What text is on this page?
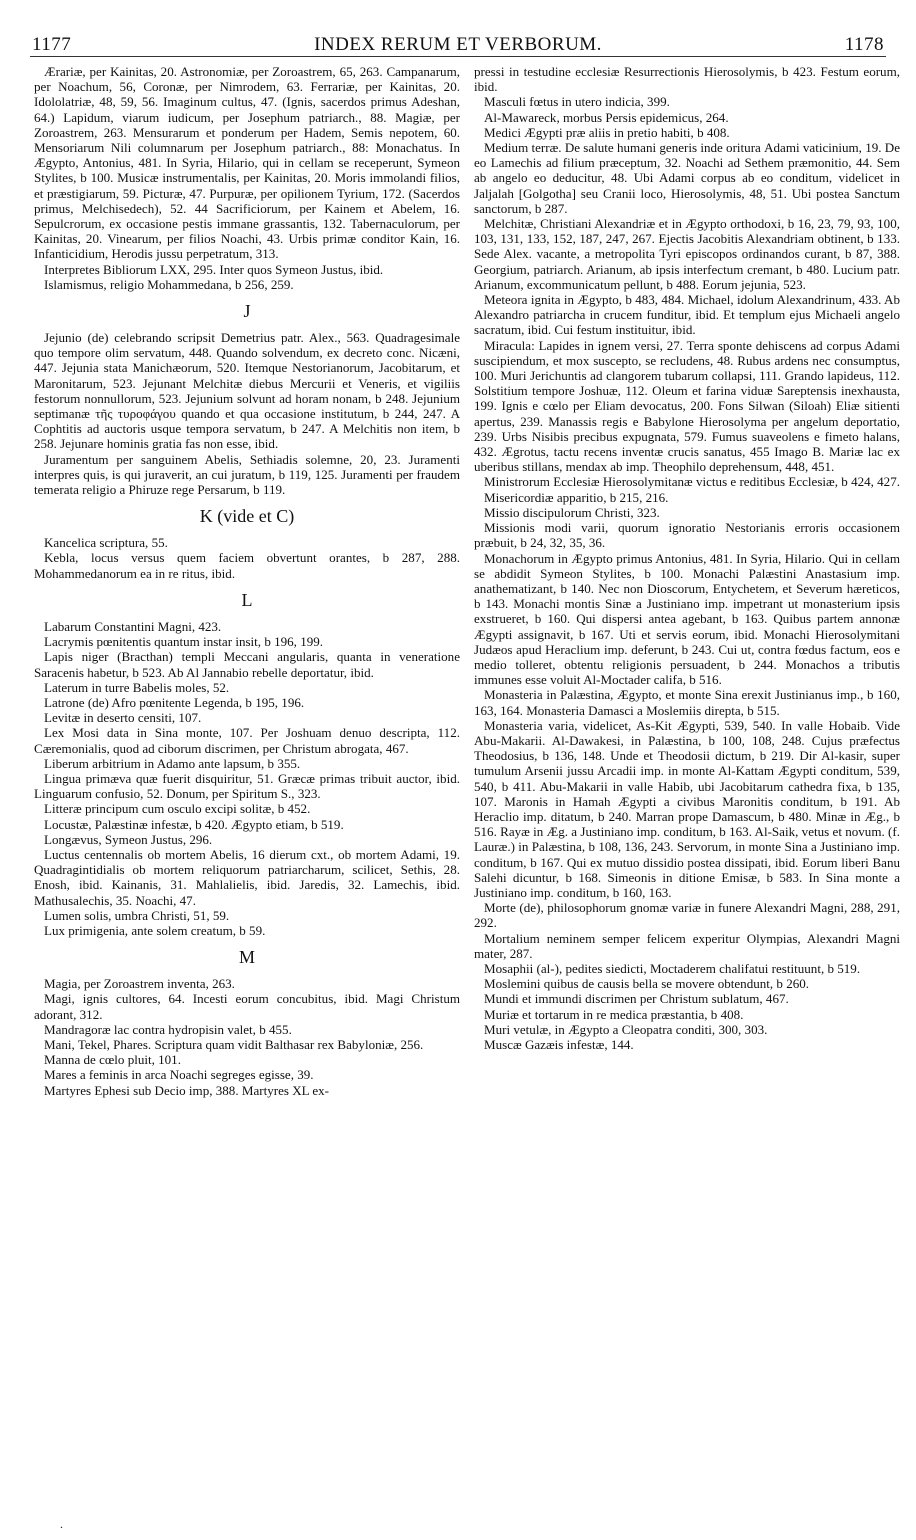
1177	INDEX RERUM ET VERBORUM.	1178

Ærariæ, per Kainitas, 20. Astronomiæ, per Zoroastrem, 65, 263. Campanarum, per Noachum, 56, Coronæ, per Nimrodem, 63. Ferrariæ, per Kainitas, 20. Idololatriæ, 48, 59, 56. Imaginum cultus, 47. (Ignis, sacerdos primus Adeshan, 64.) Lapidum, viarum iudicum, per Josephum patriarch., 88. Magiæ, per Zoroastrem, 263. Mensurarum et ponderum per Hadem, Semis nepotem, 60. Mensoriarum Nili columnarum per Josephum patriarch., 88: Monachatus. In Ægypto, Antonius, 481. In Syria, Hilario, qui in cellam se receperunt, Symeon Stylites, b 100. Musicæ instrumentalis, per Kainitas, 20. Moris immolandi filios, et præstigiarum, 59. Picturæ, 47. Purpuræ, per opilionem Tyrium, 172. (Sacerdos primus, Melchisedech), 52. 44 Sacrificiorum, per Kainem et Abelem, 16. Sepulcrorum, ex occasione pestis immane grassantis, 132. Tabernaculorum, per Kainitas, 20. Vinearum, per filios Noachi, 43. Urbis primæ conditor Kain, 16. Infanticidium, Herodis jussu perpetratum, 313.

Interpretes Bibliorum LXX, 295. Inter quos Symeon Justus, ibid.

Islamismus, religio Mohammedana, b 256, 259.

J

Jejunio (de) celebrando scripsit Demetrius patr. Alex., 563. Quadragesimale quo tempore olim servatum, 448. Quando solvendum, ex decreto conc. Nicæni, 447. Jejunia stata Manichæorum, 520. Itemque Nestorianorum, Jacobitarum, et Maronitarum, 523. Jejunant Melchitæ diebus Mercurii et Veneris, et vigiliis festorum nonnullorum, 523. Jejunium solvunt ad horam nonam, b 248. Jejunium septimanæ τῆς τυροφάγου quando et qua occasione institutum, b 244, 247. A Cophtitis ad auctoris usque tempora servatum, b 247. A Melchitis non item, b 258. Jejunare hominis gratia fas non esse, ibid.

Juramentum per sanguinem Abelis, Sethiadis solemne, 20, 23. Juramenti interpres quis, is qui juraverit, an cui juratum, b 119, 125. Juramenti per fraudem temerata religio a Phiruze rege Persarum, b 119.

K (vide et C)

Kancelica scriptura, 55.

Kebla, locus versus quem faciem obvertunt orantes, b 287, 288. Mohammedanorum ea in re ritus, ibid.

L

Labarum Constantini Magni, 423.

Lacrymis pœnitentis quantum instar insit, b 196, 199.

Lapis niger (Bracthan) templi Meccani angularis, quanta in veneratione Saracenis habetur, b 523. Ab Al Jannabio rebelle deportatur, ibid.

Laterum in turre Babelis moles, 52.

Latrone (de) Afro pœnitente Legenda, b 195, 196.

Levitæ in deserto censiti, 107.

Lex Mosi data in Sina monte, 107. Per Joshuam denuo descripta, 112. Cæremonialis, quod ad ciborum discrimen, per Christum abrogata, 467.

Liberum arbitrium in Adamo ante lapsum, b 355.

Lingua primæva quæ fuerit disquiritur, 51. Græcæ primas tribuit auctor, ibid. Linguarum confusio, 52. Donum, per Spiritum S., 323.

Litteræ principum cum osculo excipi solitæ, b 452.

Locustæ, Palæstinæ infestæ, b 420. Ægypto etiam, b 519.

Longævus, Symeon Justus, 296.

Luctus centennalis ob mortem Abelis, 16 dierum cxt., ob mortem Adami, 19. Quadragintidialis ob mortem reliquorum patriarcharum, scilicet, Sethis, 28. Enosh, ibid. Kainanis, 31. Mahlalielis, ibid. Jaredis, 32. Lamechis, ibid. Mathusalechis, 35. Noachi, 47.

Lumen solis, umbra Christi, 51, 59.

Lux primigenia, ante solem creatum, b 59.

M

Magia, per Zoroastrem inventa, 263.

Magi, ignis cultores, 64. Incesti eorum concubitus, ibid. Magi Christum adorant, 312.

Mandragoræ lac contra hydropisin valet, b 455.

Mani, Tekel, Phares. Scriptura quam vidit Balthasar rex Babyloniæ, 256.

Manna de cœlo pluit, 101.

Mares a feminis in arca Noachi segreges egisse, 39.

Martyres Ephesi sub Decio imp, 388. Martyres XL ex-

pressi in testudine ecclesiæ Resurrectionis Hierosolymis, b 423. Festum eorum, ibid.

Masculi fœtus in utero indicia, 399.

Al-Mawareck, morbus Persis epidemicus, 264.

Medici Ægypti præ aliis in pretio habiti, b 408.

Medium terræ. De salute humani generis inde oriturа Adami vaticinium, 19. De eo Lamechis ad filium præceptum, 32. Noachi ad Sethem præmonitio, 44. Sem ab angelo eo deducitur, 48. Ubi Adami corpus ab eo conditum, videlicet in Jaljalah [Golgotha] seu Cranii loco, Hierosolymis, 48, 51. Ubi postea Sanctum sanctorum, b 287.

Melchitæ, Christiani Alexandriæ et in Ægypto orthodoxi, b 16, 23, 79, 93, 100, 103, 131, 133, 152, 187, 247, 267. Ejectis Jacobitis Alexandriam obtinent, b 133. Sede Alex. vacante, a metropolita Tyri episcopos ordinandos curant, b 87, 388. Georgium, patriarch. Arianum, ab ipsis interfectum cremant, b 480. Lucium patr. Arianum, excommunicatum pellunt, b 488. Eorum jejunia, 523.

Meteora ignita in Ægypto, b 483, 484. Michael, idolum Alexandrinum, 433. Ab Alexandro patriarcha in crucem funditur, ibid. Et templum ejus Michaeli angelo sacratum, ibid. Cui festum instituitur, ibid.

Miracula: Lapides in ignem versi, 27. Terra sponte dehiscens ad corpus Adami suscipiendum, et mox suscepto, se recludens, 48. Rubus ardens nec consumptus, 100. Muri Jerichuntis ad clangorem tubarum collapsi, 111. Grando lapideus, 112. Solstitium tempore Joshuæ, 112. Oleum et farina viduæ Sareptensis inexhausta, 199. Ignis e cœlo per Eliam devocatus, 200. Fons Silwan (Siloah) Eliæ sitienti apertus, 239. Manassis regis e Babylone Hierosolyma per angelum deportatio, 239. Urbs Nisibis precibus expugnata, 579. Fumus suaveolens e fimeto halans, 432. Ægrotus, tactu recens inventæ crucis sanatus, 455 Imago B. Mariæ lac ex uberibus stillans, mendax ab imp. Theophilo deprehensum, 448, 451.

Ministrorum Ecclesiæ Hierosolymitanæ victus e reditibus Ecclesiæ, b 424, 427.

Misericordiæ apparitio, b 215, 216.

Missio discipulorum Christi, 323.

Missionis modi varii, quorum ignoratio Nestorianis erroris occasionem præbuit, b 24, 32, 35, 36.

Monachorum in Ægypto primus Antonius, 481. In Syria, Hilario. Qui in cellam se abdidit Symeon Stylites, b 100. Monachi Palæstini Anastasium imp. anathematizant, b 140. Nec non Dioscorum, Entychetem, et Severum hæreticos, b 143. Monachi montis Sinæ a Justiniano imp. impetrant ut monasterium ipsis exstrueret, b 160. Qui dispersi antea agebant, b 163. Quibus partem annonæ Ægypti assignavit, b 167. Uti et servis eorum, ibid. Monachi Hierosolymitani Judæos apud Heraclium imp. deferunt, b 243. Cui ut, contra fœdus factum, eos e medio tolleret, obtentu religionis persuadent, b 244. Monachos a tributis immunes esse voluit Al-Moctader califa, b 516.

Monasteria in Palæstina, Ægypto, et monte Sina erexit Justinianus imp., b 160, 163, 164. Monasteria Damasci a Moslemiis direpta, b 515.

Monasteria varia, videlicet, As-Kit Ægypti, 539, 540. In valle Hobaib. Vide Abu-Makarii. Al-Dawakesi, in Palæstina, b 100, 108, 248. Cujus præfectus Theodosius, b 136, 148. Unde et Theodosii dictum, b 219. Dir Al-kasir, super tumulum Arsenii jussu Arcadii imp. in monte Al-Kattam Ægypti conditum, 539, 540, b 411. Abu-Makarii in valle Habib, ubi Jacobitarum cathedra fixa, b 135, 107. Maronis in Hamah Ægypti a civibus Maronitis conditum, b 191. Ab Heraclio imp. ditatum, b 240. Marran prope Damascum, b 480. Minæ in Æg., b 516. Rayæ in Æg. a Justiniano imp. conditum, b 163. Al-Saik, vetus et novum. (f. Lauræ.) in Palæstina, b 108, 136, 243. Servorum, in monte Sina a Justiniano imp. conditum, b 167. Qui ex mutuo dissidio postea dissipati, ibid. Eorum liberi Banu Salehi dicuntur, b 168. Simeonis in ditione Emisæ, b 583. In Sina monte a Justiniano imp. conditum, b 160, 163.

Morte (de), philosophorum gnomæ variæ in funere Alexandri Magni, 288, 291, 292.

Mortalium neminem semper felicem experitur Olympias, Alexandri Magni mater, 287.

Mosaphii (al-), pedites siedicti, Moctaderem chalifatui restituunt, b 519.

Moslemini quibus de causis bella se movere obtendunt, b 260.

Mundi et immundi discrimen per Christum sublatum, 467.

Muriæ et tortarum in re medica præstantia, b 408.

Muri vetulæ, in Ægypto a Cleopatra conditi, 300, 303.

Muscæ Gazæis infestæ, 144.

.
